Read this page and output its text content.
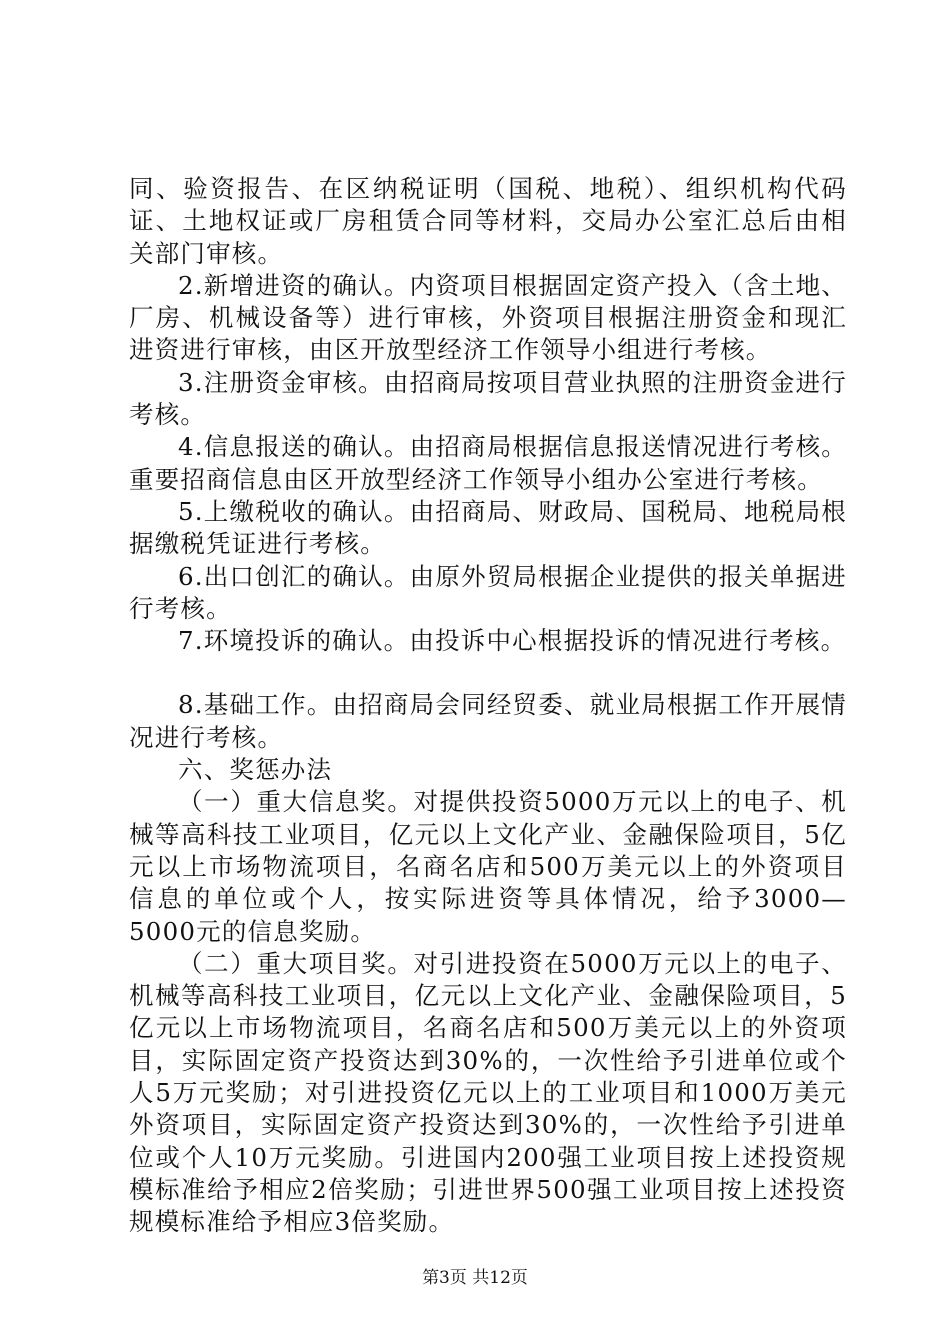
同、验资报告、在区纳税证明（国税、地税）、组织机构代码证、土地权证或厂房租赁合同等材料，交局办公室汇总后由相关部门审核。

2.新增进资的确认。内资项目根据固定资产投入（含土地、厂房、机械设备等）进行审核，外资项目根据注册资金和现汇进资进行审核，由区开放型经济工作领导小组进行考核。

3.注册资金审核。由招商局按项目营业执照的注册资金进行考核。

4.信息报送的确认。由招商局根据信息报送情况进行考核。重要招商信息由区开放型经济工作领导小组办公室进行考核。

5.上缴税收的确认。由招商局、财政局、国税局、地税局根据缴税凭证进行考核。

6.出口创汇的确认。由原外贸局根据企业提供的报关单据进行考核。

7.环境投诉的确认。由投诉中心根据投诉的情况进行考核。

8.基础工作。由招商局会同经贸委、就业局根据工作开展情况进行考核。

六、奖惩办法

（一）重大信息奖。对提供投资5000万元以上的电子、机械等高科技工业项目，亿元以上文化产业、金融保险项目，5亿元以上市场物流项目，名商名店和500万美元以上的外资项目信息的单位或个人，按实际进资等具体情况，给予3000—5000元的信息奖励。

（二）重大项目奖。对引进投资在5000万元以上的电子、机械等高科技工业项目，亿元以上文化产业、金融保险项目，5亿元以上市场物流项目，名商名店和500万美元以上的外资项目，实际固定资产投资达到30%的，一次性给予引进单位或个人5万元奖励；对引进投资亿元以上的工业项目和1000万美元外资项目，实际固定资产投资达到30%的，一次性给予引进单位或个人10万元奖励。引进国内200强工业项目按上述投资规模标准给予相应2倍奖励；引进世界500强工业项目按上述投资规模标准给予相应3倍奖励。

第3页 共12页
